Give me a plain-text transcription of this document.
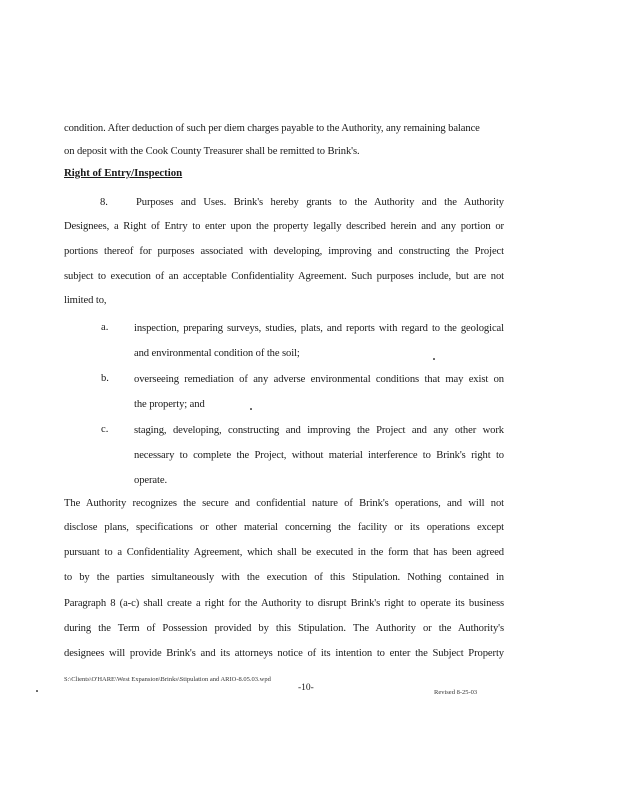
condition. After deduction of such per diem charges payable to the Authority, any remaining balance
on deposit with the Cook County Treasurer shall be remitted to Brink's.
Right of Entry/Inspection
8.	Purposes and Uses. Brink's hereby grants to the Authority and the Authority
Designees, a Right of Entry to enter upon the property legally described herein and any portion or
portions thereof for purposes associated with developing, improving and constructing the Project
subject to execution of an acceptable Confidentiality Agreement. Such purposes include, but are not
limited to,
a. inspection, preparing surveys, studies, plats, and reports with regard to the geological
and environmental condition of the soil;
b. overseeing remediation of any adverse environmental conditions that may exist on
the property; and
c. staging, developing, constructing and improving the Project and any other work
necessary to complete the Project, without material interference to Brink's right to
operate.
The Authority recognizes the secure and confidential nature of Brink's operations, and will not
disclose plans, specifications or other material concerning the facility or its operations except
pursuant to a Confidentiality Agreement, which shall be executed in the form that has been agreed
to by the parties simultaneously with the execution of this Stipulation. Nothing contained in
Paragraph 8 (a-c) shall create a right for the Authority to disrupt Brink's right to operate its business
during the Term of Possession provided by this Stipulation. The Authority or the Authority's
designees will provide Brink's and its attorneys notice of its intention to enter the Subject Property
S:\Clients\O'HARE\West Expansion\Brinks\Stipulation and ARIO-8.05.03.wpd
-10-	Revised 8-25-03
